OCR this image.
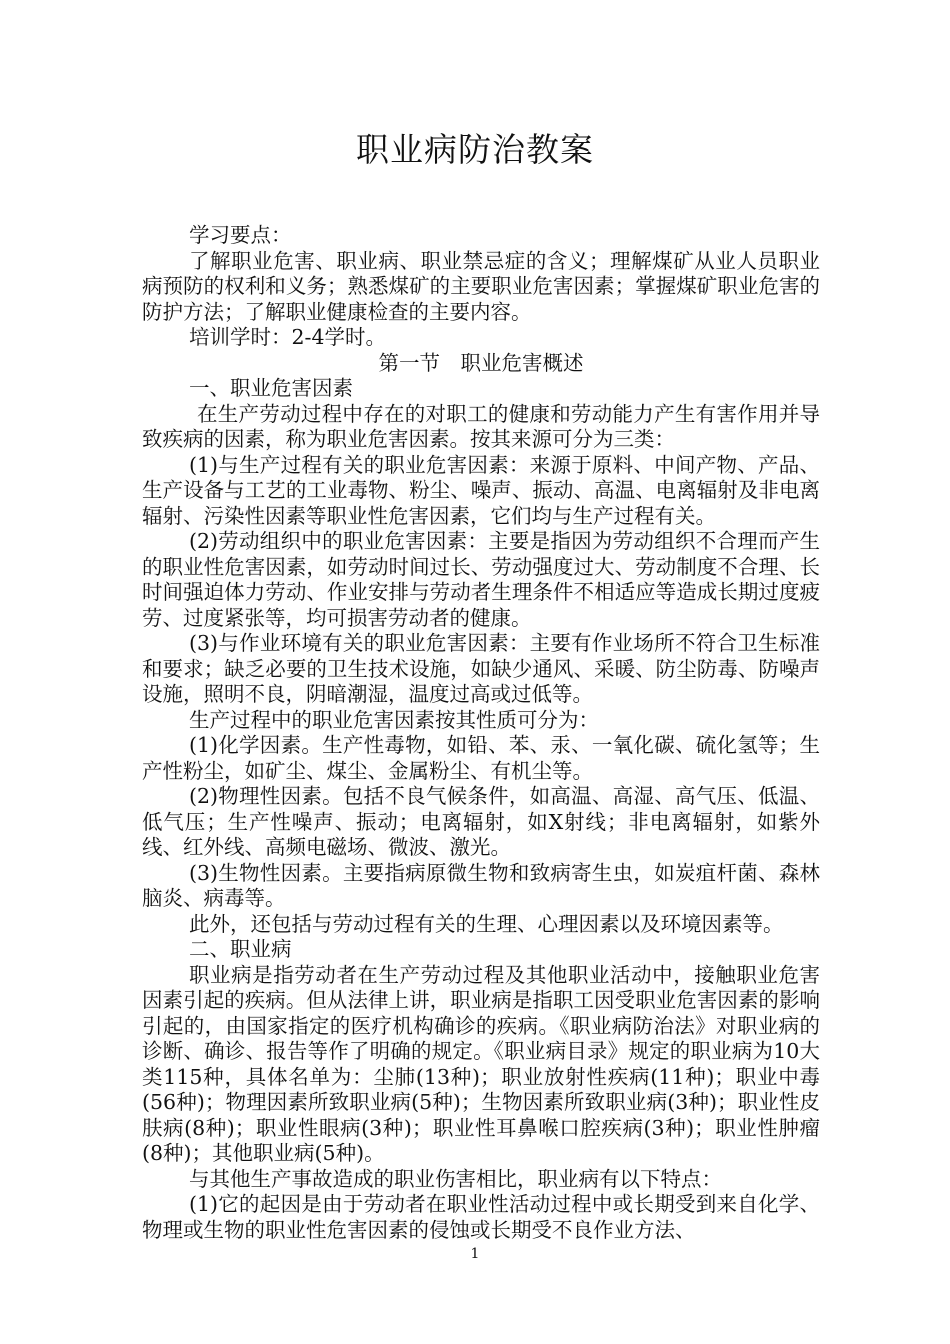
职业病防治教案

学习要点：

了解职业危害、职业病、职业禁忌症的含义；理解煤矿从业人员职业病预防的权利和义务；熟悉煤矿的主要职业危害因素；掌握煤矿职业危害的防护方法；了解职业健康检查的主要内容。

培训学时：2-4学时。

第一节　职业危害概述

一、职业危害因素

在生产劳动过程中存在的对职工的健康和劳动能力产生有害作用并导致疾病的因素，称为职业危害因素。按其来源可分为三类：

(1)与生产过程有关的职业危害因素：来源于原料、中间产物、产品、生产设备与工艺的工业毒物、粉尘、噪声、振动、高温、电离辐射及非电离辐射、污染性因素等职业性危害因素，它们均与生产过程有关。

(2)劳动组织中的职业危害因素：主要是指因为劳动组织不合理而产生的职业性危害因素，如劳动时间过长、劳动强度过大、劳动制度不合理、长时间强迫体力劳动、作业安排与劳动者生理条件不相适应等造成长期过度疲劳、过度紧张等，均可损害劳动者的健康。

(3)与作业环境有关的职业危害因素：主要有作业场所不符合卫生标准和要求；缺乏必要的卫生技术设施，如缺少通风、采暖、防尘防毒、防噪声设施，照明不良，阴暗潮湿，温度过高或过低等。

生产过程中的职业危害因素按其性质可分为：

(1)化学因素。生产性毒物，如铅、苯、汞、一氧化碳、硫化氢等；生产性粉尘，如矿尘、煤尘、金属粉尘、有机尘等。

(2)物理性因素。包括不良气候条件，如高温、高湿、高气压、低温、低气压；生产性噪声、振动；电离辐射，如X射线；非电离辐射，如紫外线、红外线、高频电磁场、微波、激光。

(3)生物性因素。主要指病原微生物和致病寄生虫，如炭疽杆菌、森林脑炎、病毒等。

此外，还包括与劳动过程有关的生理、心理因素以及环境因素等。

二、职业病

职业病是指劳动者在生产劳动过程及其他职业活动中，接触职业危害因素引起的疾病。但从法律上讲，职业病是指职工因受职业危害因素的影响引起的，由国家指定的医疗机构确诊的疾病。《职业病防治法》对职业病的诊断、确诊、报告等作了明确的规定。《职业病目录》规定的职业病为10大类115种，具体名单为：尘肺(13种)；职业放射性疾病(11种)；职业中毒(56种)；物理因素所致职业病(5种)；生物因素所致职业病(3种)；职业性皮肤病(8种)；职业性眼病(3种)；职业性耳鼻喉口腔疾病(3种)；职业性肿瘤(8种)；其他职业病(5种)。

与其他生产事故造成的职业伤害相比，职业病有以下特点：

(1)它的起因是由于劳动者在职业性活动过程中或长期受到来自化学、物理或生物的职业性危害因素的侵蚀或长期受不良作业方法、

1
